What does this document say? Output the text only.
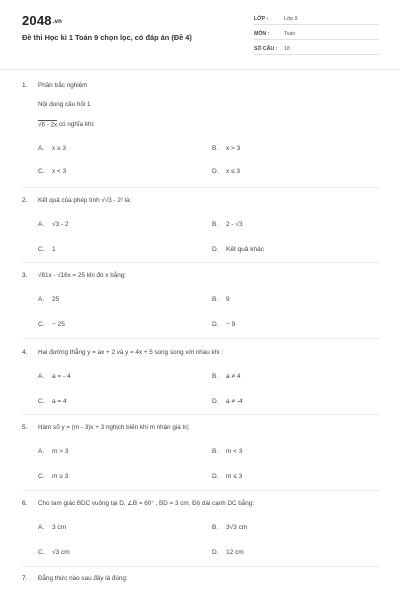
$2048^{.vn}$
Đề thi Học kì 1 Toán 9 chọn lọc, có đáp án (Đề 4)
LỚP :	Lớp 9
MÔN :	Toán
SỐ CÂU : 18
1. Phần trắc nghiệm
Nội dung câu hỏi 1
√6 - 2x có nghĩa khi:
A. x ≥ 3	B. x > 3
C. x < 3	D. x ≤ 3
2. Kết quả của phép tính √√3 - 2² là:
A. √3 - 2	B. 2 - √3
C. 1	D. Kết quả khác
3. √81x - √16x = 25 khi đó x bằng:
A. 25	B. 9
C. − 25	D. − 9
4. Hai đường thẳng y = ax + 2 và y = 4x + 5 song song với nhau khi :
A. a = - 4	B. a ≠ 4
C. a = 4	D. a ≠ -4
5. Hàm số y = (m - 3)x + 3 nghịch biến khi m nhận giá trị:
A. m > 3	B. m < 3
C. m ≥ 3	D. m ≤ 3
6. Cho tam giác BDC vuông tại D, ∠B = 60° , BD = 3 cm. Độ dài cạnh DC bằng:
A. 3 cm	B. 3√3 cm
C. √3 cm	D. 12 cm
7. Đẳng thức nào sau đây là đúng:
